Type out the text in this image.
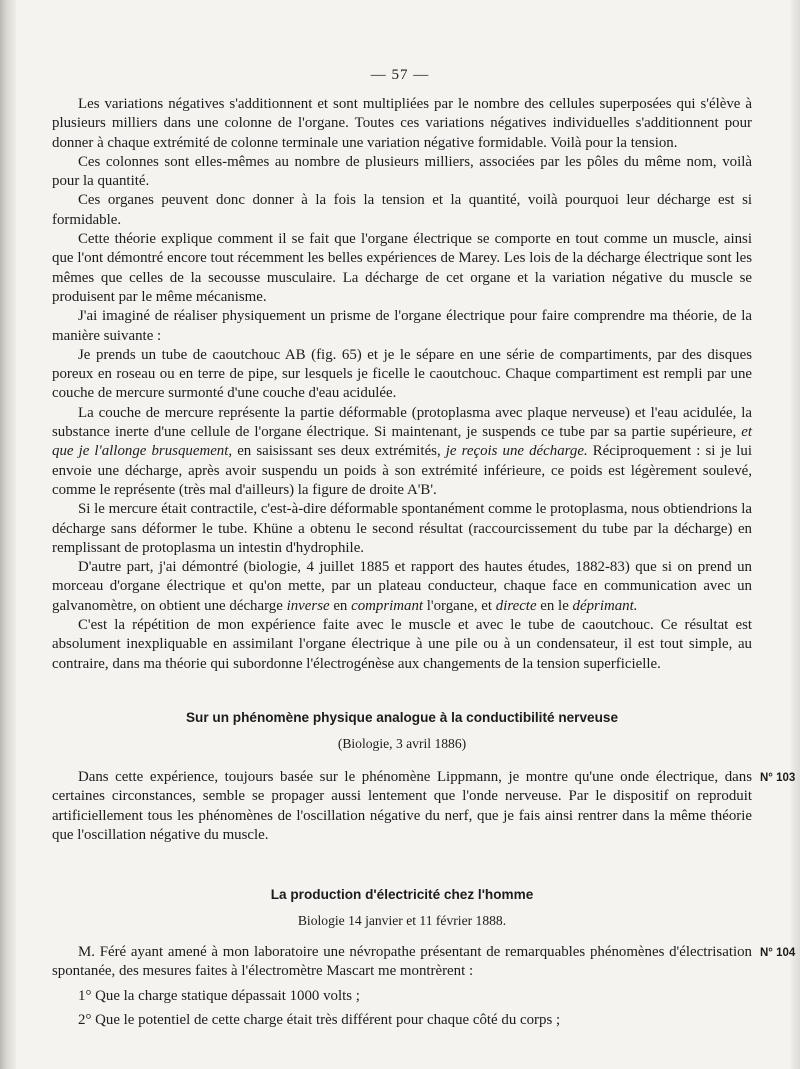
— 57 —

Les variations négatives s'additionnent et sont multipliées par le nombre des cellules superposées qui s'élève à plusieurs milliers dans une colonne de l'organe. Toutes ces variations négatives individuelles s'additionnent pour donner à chaque extrémité de colonne terminale une variation négative formidable. Voilà pour la tension.

Ces colonnes sont elles-mêmes au nombre de plusieurs milliers, associées par les pôles du même nom, voilà pour la quantité.

Ces organes peuvent donc donner à la fois la tension et la quantité, voilà pourquoi leur décharge est si formidable.

Cette théorie explique comment il se fait que l'organe électrique se comporte en tout comme un muscle, ainsi que l'ont démontré encore tout récemment les belles expériences de Marey. Les lois de la décharge électrique sont les mêmes que celles de la secousse musculaire. La décharge de cet organe et la variation négative du muscle se produisent par le même mécanisme.

J'ai imaginé de réaliser physiquement un prisme de l'organe électrique pour faire comprendre ma théorie, de la manière suivante :

Je prends un tube de caoutchouc AB (fig. 65) et je le sépare en une série de compartiments, par des disques poreux en roseau ou en terre de pipe, sur lesquels je ficelle le caoutchouc. Chaque compartiment est rempli par une couche de mercure surmonté d'une couche d'eau acidulée.

La couche de mercure représente la partie déformable (protoplasma avec plaque nerveuse) et l'eau acidulée, la substance inerte d'une cellule de l'organe électrique. Si maintenant, je suspends ce tube par sa partie supérieure, et que je l'allonge brusquement, en saisissant ses deux extrémités, je reçois une décharge. Réciproquement : si je lui envoie une décharge, après avoir suspendu un poids à son extrémité inférieure, ce poids est légèrement soulevé, comme le représente (très mal d'ailleurs) la figure de droite A'B'.

Si le mercure était contractile, c'est-à-dire déformable spontanément comme le protoplasma, nous obtiendrions la décharge sans déformer le tube. Khüne a obtenu le second résultat (raccourcissement du tube par la décharge) en remplissant de protoplasma un intestin d'hydrophile.

D'autre part, j'ai démontré (biologie, 4 juillet 1885 et rapport des hautes études, 1882-83) que si on prend un morceau d'organe électrique et qu'on mette, par un plateau conducteur, chaque face en communication avec un galvanomètre, on obtient une décharge inverse en comprimant l'organe, et directe en le déprimant.

C'est la répétition de mon expérience faite avec le muscle et avec le tube de caoutchouc. Ce résultat est absolument inexpliquable en assimilant l'organe électrique à une pile ou à un condensateur, il est tout simple, au contraire, dans ma théorie qui subordonne l'électrogénèse aux changements de la tension superficielle.

Sur un phénomène physique analogue à la conductibilité nerveuse
(Biologie, 3 avril 1886)
N° 103

Dans cette expérience, toujours basée sur le phénomène Lippmann, je montre qu'une onde électrique, dans certaines circonstances, semble se propager aussi lentement que l'onde nerveuse. Par le dispositif on reproduit artificiellement tous les phénomènes de l'oscillation négative du nerf, que je fais ainsi rentrer dans la même théorie que l'oscillation négative du muscle.

La production d'électricité chez l'homme
Biologie 14 janvier et 11 février 1888.
N° 104

M. Féré ayant amené à mon laboratoire une névropathe présentant de remarquables phénomènes d'électrisation spontanée, des mesures faites à l'électromètre Mascart me montrèrent :

1° Que la charge statique dépassait 1000 volts ;

2° Que le potentiel de cette charge était très différent pour chaque côté du corps ;
